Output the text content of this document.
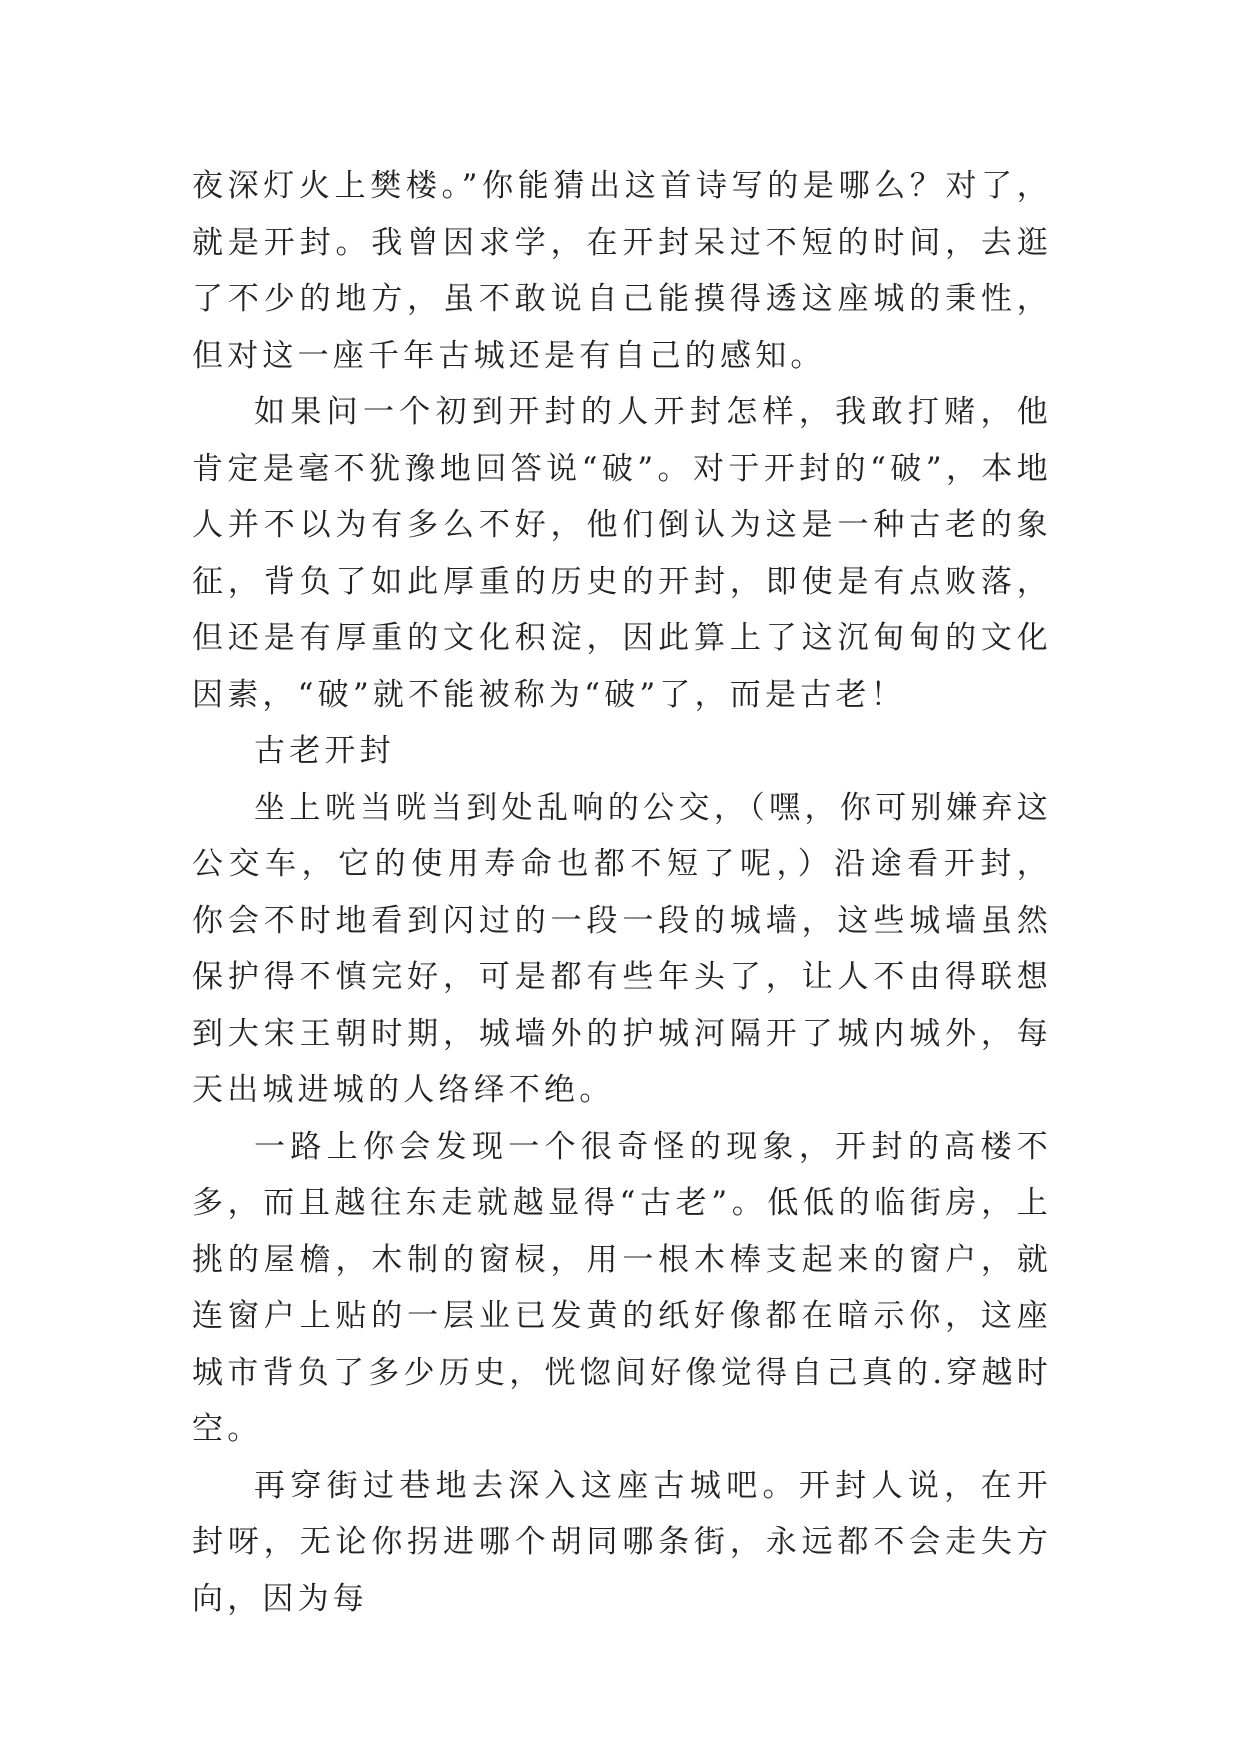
夜深灯火上樊楼。”你能猜出这首诗写的是哪么？对了，就是开封。我曾因求学，在开封呆过不短的时间，去逛了不少的地方，虽不敢说自己能摸得透这座城的秉性，但对这一座千年古城还是有自己的感知。

如果问一个初到开封的人开封怎样，我敢打赌，他肯定是毫不犹豫地回答说“破”。对于开封的“破”，本地人并不以为有多么不好，他们倒认为这是一种古老的象征，背负了如此厚重的历史的开封，即使是有点败落，但还是有厚重的文化积淀，因此算上了这沉甸甸的文化因素，“破”就不能被称为“破”了，而是古老！

古老开封

坐上咣当咣当到处乱响的公交，（嘿，你可别嫌弃这公交车，它的使用寿命也都不短了呢，）沿途看开封，你会不时地看到闪过的一段一段的城墙，这些城墙虽然保护得不慎完好，可是都有些年头了，让人不由得联想到大宋王朝时期，城墙外的护城河隔开了城内城外，每天出城进城的人络绎不绝。

一路上你会发现一个很奇怪的现象，开封的高楼不多，而且越往东走就越显得“古老”。低低的临街房，上挑的屋檐，木制的窗棂，用一根木棒支起来的窗户，就连窗户上贴的一层业已发黄的纸好像都在暗示你，这座城市背负了多少历史，恍惚间好像觉得自己真的.穿越时空。

再穿街过巷地去深入这座古城吧。开封人说，在开封呀，无论你拐进哪个胡同哪条街，永远都不会走失方向，因为每
